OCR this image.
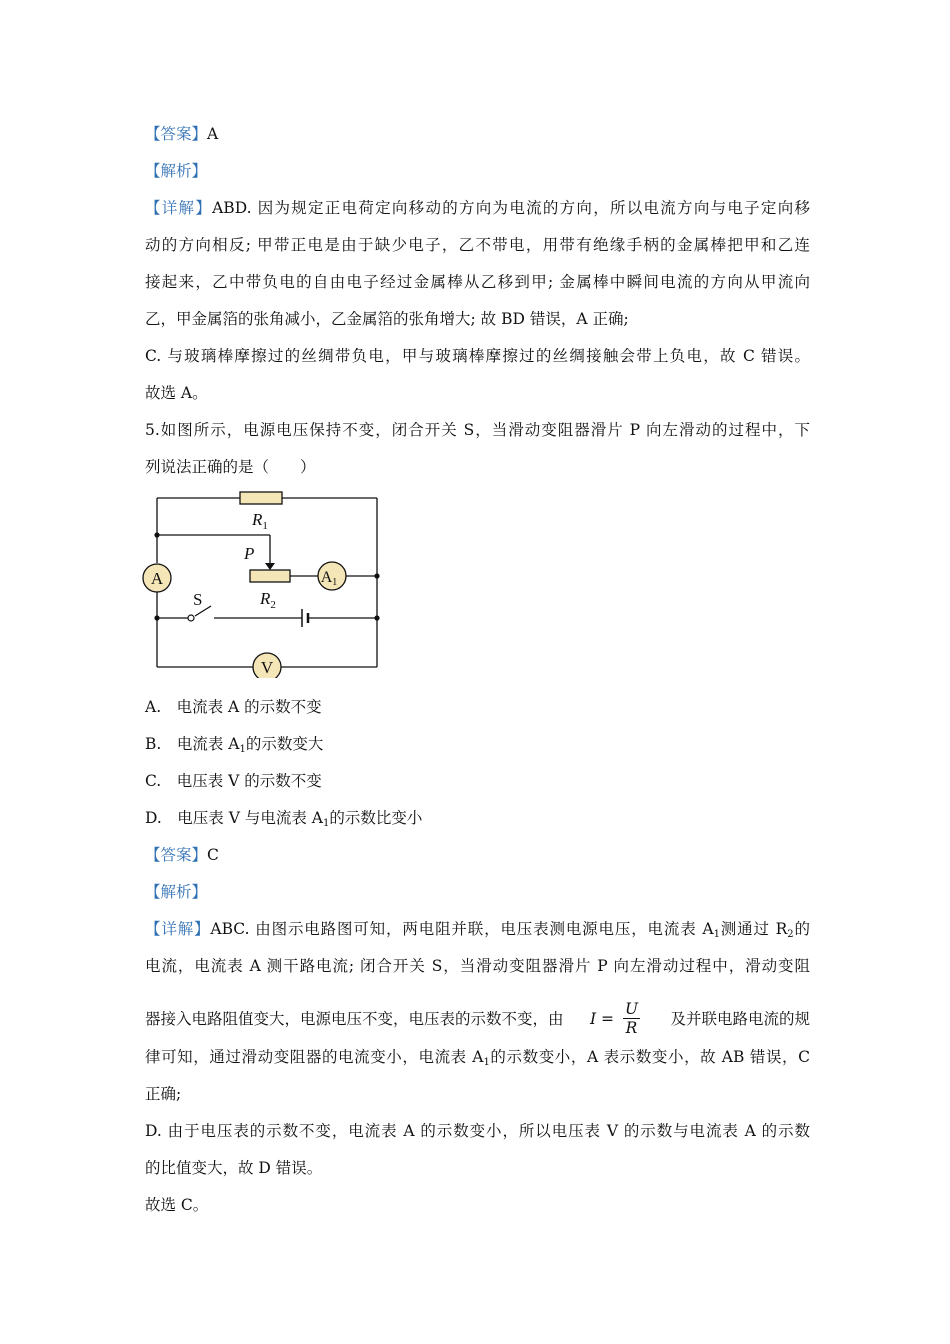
【答案】A
【解析】
【详解】ABD. 因为规定正电荷定向移动的方向为电流的方向，所以电流方向与电子定向移
动的方向相反; 甲带正电是由于缺少电子，乙不带电，用带有绝缘手柄的金属棒把甲和乙连
接起来，乙中带负电的自由电子经过金属棒从乙移到甲; 金属棒中瞬间电流的方向从甲流向
乙，甲金属箔的张角减小，乙金属箔的张角增大; 故 BD 错误，A 正确;
C. 与玻璃棒摩擦过的丝绸带负电，甲与玻璃棒摩擦过的丝绸接触会带上负电，故 C 错误。
故选 A。
5.如图所示，电源电压保持不变，闭合开关 S，当滑动变阻器滑片 P 向左滑动的过程中，下
列说法正确的是（　　）
A	A1
V
$R_1$
P
$R_2$
S
A.　电流表 A 的示数不变
B.　电流表 $A_1$的示数变大
C.　电压表 V 的示数不变
D.　电压表 V 与电流表 $A_1$的示数比变小
【答案】C
【解析】
【详解】ABC. 由图示电路图可知，两电阻并联，电压表测电源电压，电流表 $A_1$测通过 $R_2$的
电流，电流表 A 测干路电流; 闭合开关 S，当滑动变阻器滑片 P 向左滑动过程中，滑动变阻
器接入电路阻值变大，电源电压不变，电压表的示数不变，由 $I = \frac{U}{R}$ 及并联电路电流的规
律可知，通过滑动变阻器的电流变小，电流表 $A_1$的示数变小，A 表示数变小，故 AB 错误，C
正确;
D. 由于电压表的示数不变，电流表 A 的示数变小，所以电压表 V 的示数与电流表 A 的示数
的比值变大，故 D 错误。
故选 C。
